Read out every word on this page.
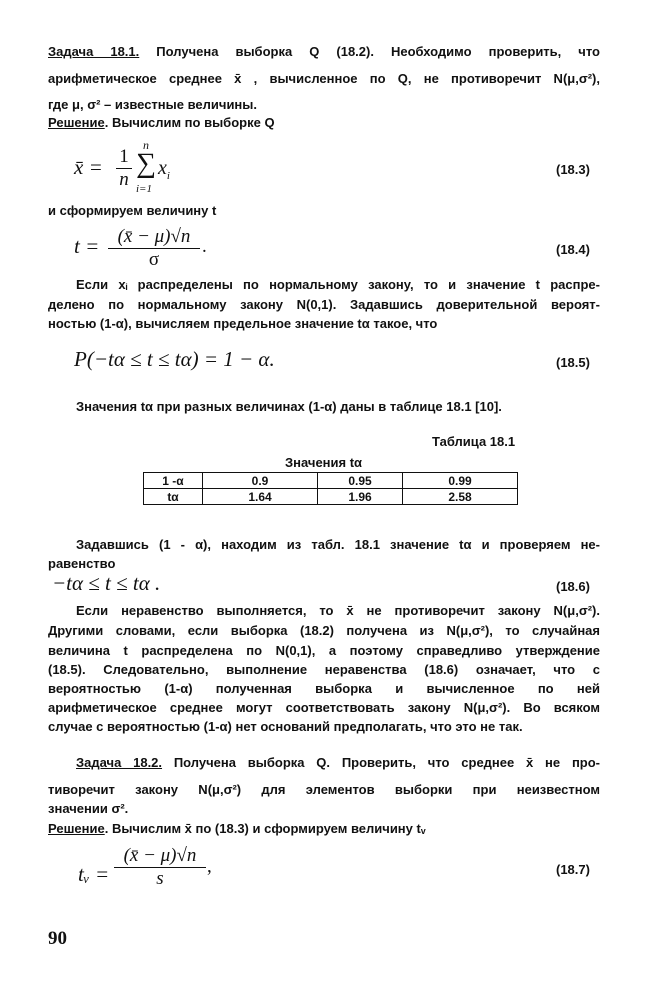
Задача 18.1. Получена выборка Q (18.2). Необходимо проверить, что
арифметическое среднее x̄ , вычисленное по Q, не противоречит N(μ,σ²),
где μ, σ² – известные величины.
Решение. Вычислим по выборке Q
x̄ = $\frac{1}{n}$
n
∑
i=1
$x_i$	(18.3)
и сформируем величину t
$t = \frac{(x̄ - \mu)√n}{\sigma}$ .	(18.4)
Если xᵢ распределены по нормальному закону, то и значение t распре-
делено по нормальному закону N(0,1). Задавшись доверительной вероят-
ностью (1-α), вычисляем предельное значение tα такое, что
P(−tα ≤ t ≤ tα) = 1 − α.	(18.5)
Значения tα при разных величинах (1-α) даны в таблице 18.1 [10].
Таблица 18.1
Значения tα
1 -α	0.9	0.95	0.99
tα	1.64	1.96	2.58
Задавшись (1 - α), находим из табл. 18.1 значение tα и проверяем не-
равенство
−tα ≤ t ≤ tα .	(18.6)
Если неравенство выполняется, то x̄ не противоречит закону N(μ,σ²).
Другими словами, если выборка (18.2) получена из N(μ,σ²), то случайная
величина t распределена по N(0,1), а поэтому справедливо утверждение
(18.5). Следовательно, выполнение неравенства (18.6) означает, что с
вероятностью (1-α) полученная выборка и вычисленное по ней
арифметическое среднее могут соответствовать закону N(μ,σ²). Во всяком
случае с вероятностью (1-α) нет оснований предполагать, что это не так.
Задача 18.2. Получена выборка Q. Проверить, что среднее x̄ не про-
тиворечит закону N(μ,σ²) для элементов выборки при неизвестном
значении σ².
Решение. Вычислим x̄ по (18.3) и сформируем величину tᵥ
tᵥ = $\frac{(x̄ - \mu)√n}{s}$ ,	(18.7)
90
